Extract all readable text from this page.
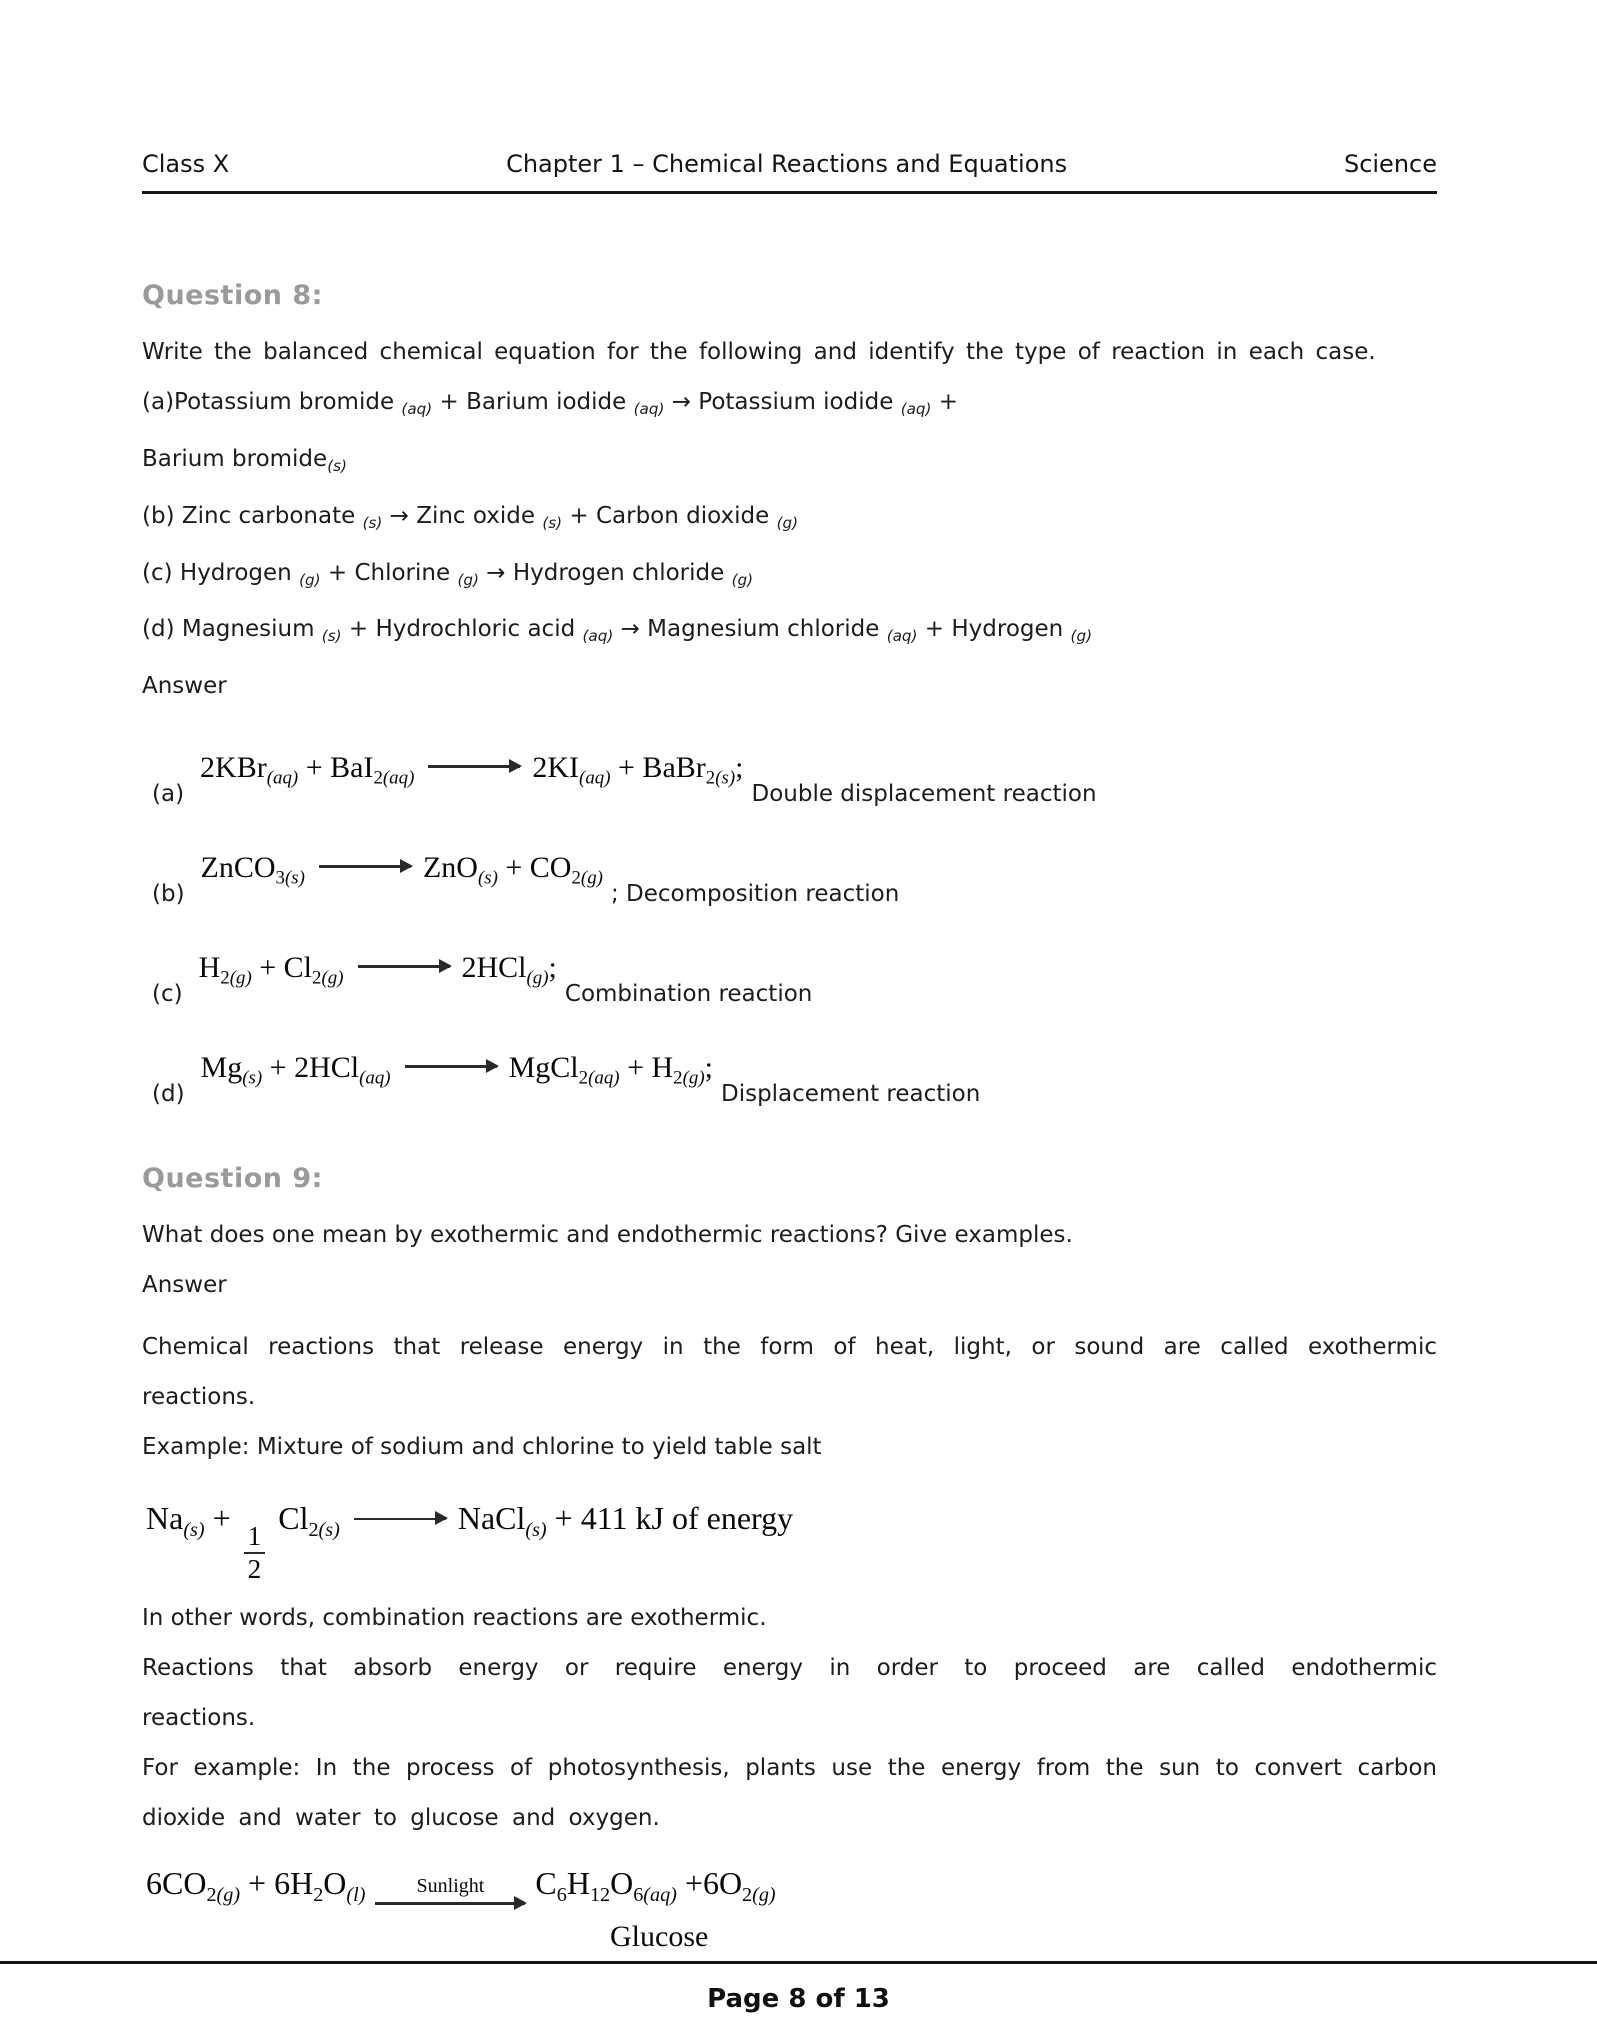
Class X	Chapter 1 – Chemical Reactions and Equations	Science
Question 8:

Write the balanced chemical equation for the following and identify the type of reaction in each case.

(a)Potassium bromide $_{(aq)}$ + Barium iodide $_{(aq)}$ → Potassium iodide $_{(aq)}$ +

Barium bromide$_{(s)}$

(b) Zinc carbonate $_{(s)}$ → Zinc oxide $_{(s)}$ + Carbon dioxide $_{(g)}$

(c) Hydrogen $_{(g)}$ + Chlorine $_{(g)}$ → Hydrogen chloride $_{(g)}$

(d) Magnesium $_{(s)}$ + Hydrochloric acid $_{(aq)}$ → Magnesium chloride $_{(aq)}$ + Hydrogen $_{(g)}$

Answer

(a)
$2KBr_{(aq)} + BaI_{2(aq)} \to 2KI_{(aq)}$ + BaBr$_{2(s)}$;
Double displacement reaction
(b)
ZnCO$_{3(s)}$ → $ZnO_{(s)} + CO_{2(g)}$
; Decomposition reaction
(c)
$H_{2(g)} + Cl_{2(g)} \to 2HCl_{(g)}$;
Combination reaction
(d)
$Mg_{(s)} + 2HCl_{(aq)}$ → MgCl$_{2(aq)}$ + $H_{2(g)}$;
Displacement reaction
Question 9:

What does one mean by exothermic and endothermic reactions? Give examples.

Answer

Chemical reactions that release energy in the form of heat, light, or sound are called exothermic reactions.

Example: Mixture of sodium and chlorine to yield table salt

$Na_{(s)}$ +
$\frac{1}{2}$
$Cl_{2(s)}$ → NaCl$_{(s)}$ + 411 kJ of energy

In other words, combination reactions are exothermic.

Reactions that absorb energy or require energy in order to proceed are called endothermic reactions.

For example: In the process of photosynthesis, plants use the energy from the sun to convert carbon dioxide and water to glucose and oxygen.

$6CO_{2(g)} + 6H_2O_{(l)}$	Sunlight	$C_6H_{12}O_{6(aq)} +6O_{2(g)}$
Glucose
Page 8 of 13
